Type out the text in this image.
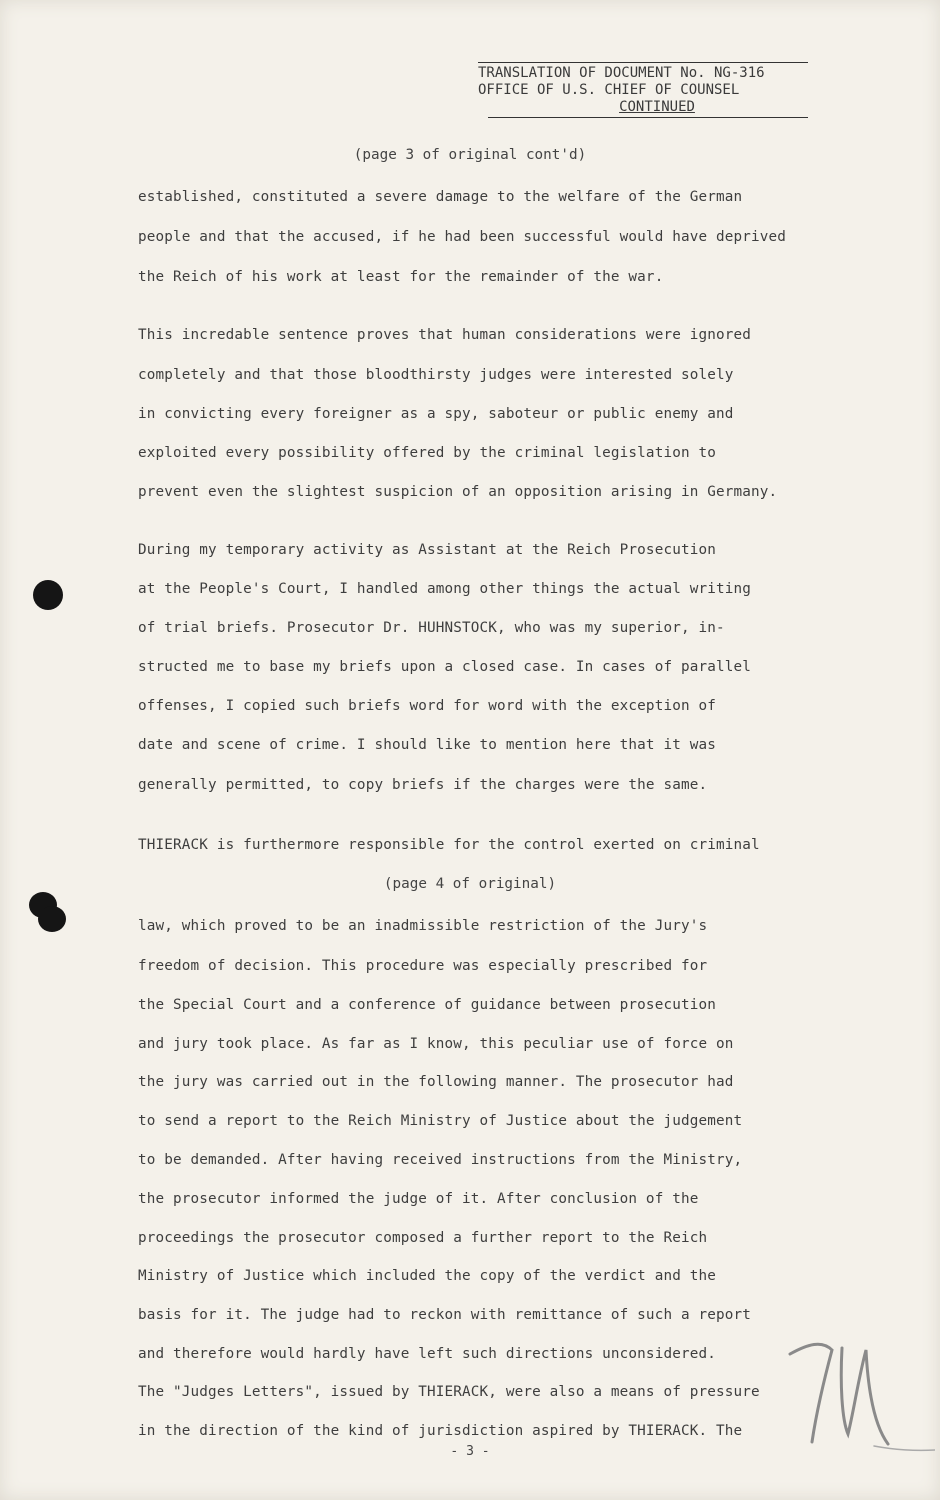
TRANSLATION OF DOCUMENT No. NG-316
OFFICE OF U.S. CHIEF OF COUNSEL
CONTINUED
(page 3 of original cont'd)
established, constituted a severe damage to the welfare of the German
people and that the accused, if he had been successful would have deprived
the Reich of his work at least for the remainder of the war.
This incredable sentence proves that human considerations were ignored
completely and that those bloodthirsty judges were interested solely
in convicting every foreigner as a spy, saboteur or public enemy and
exploited every possibility offered by the criminal legislation to
prevent even the slightest suspicion of an opposition arising in Germany.
During my temporary activity as Assistant at the Reich Prosecution
at the People's Court, I handled among other things the actual writing
of trial briefs. Prosecutor Dr. HUHNSTOCK, who was my superior, in-
structed me to base my briefs upon a closed case. In cases of parallel
offenses, I copied such briefs word for word with the exception of
date and scene of crime. I should like to mention here that it was
generally permitted, to copy briefs if the charges were the same.
THIERACK is furthermore responsible for the control exerted on criminal
(page 4 of original)
law, which proved to be an inadmissible restriction of the Jury's
freedom of decision. This procedure was especially prescribed for
the Special Court and a conference of guidance between prosecution
and jury took place. As far as I know, this peculiar use of force on
the jury was carried out in the following manner. The prosecutor had
to send a report to the Reich Ministry of Justice about the judgement
to be demanded. After having received instructions from the Ministry,
the prosecutor informed the judge of it. After conclusion of the
proceedings the prosecutor composed a further report to the Reich
Ministry of Justice which included the copy of the verdict and the
basis for it. The judge had to reckon with remittance of such a report
and therefore would hardly have left such directions unconsidered.
The "Judges Letters", issued by THIERACK, were also a means of pressure
in the direction of the kind of jurisdiction aspired by THIERACK. The
- 3 -
